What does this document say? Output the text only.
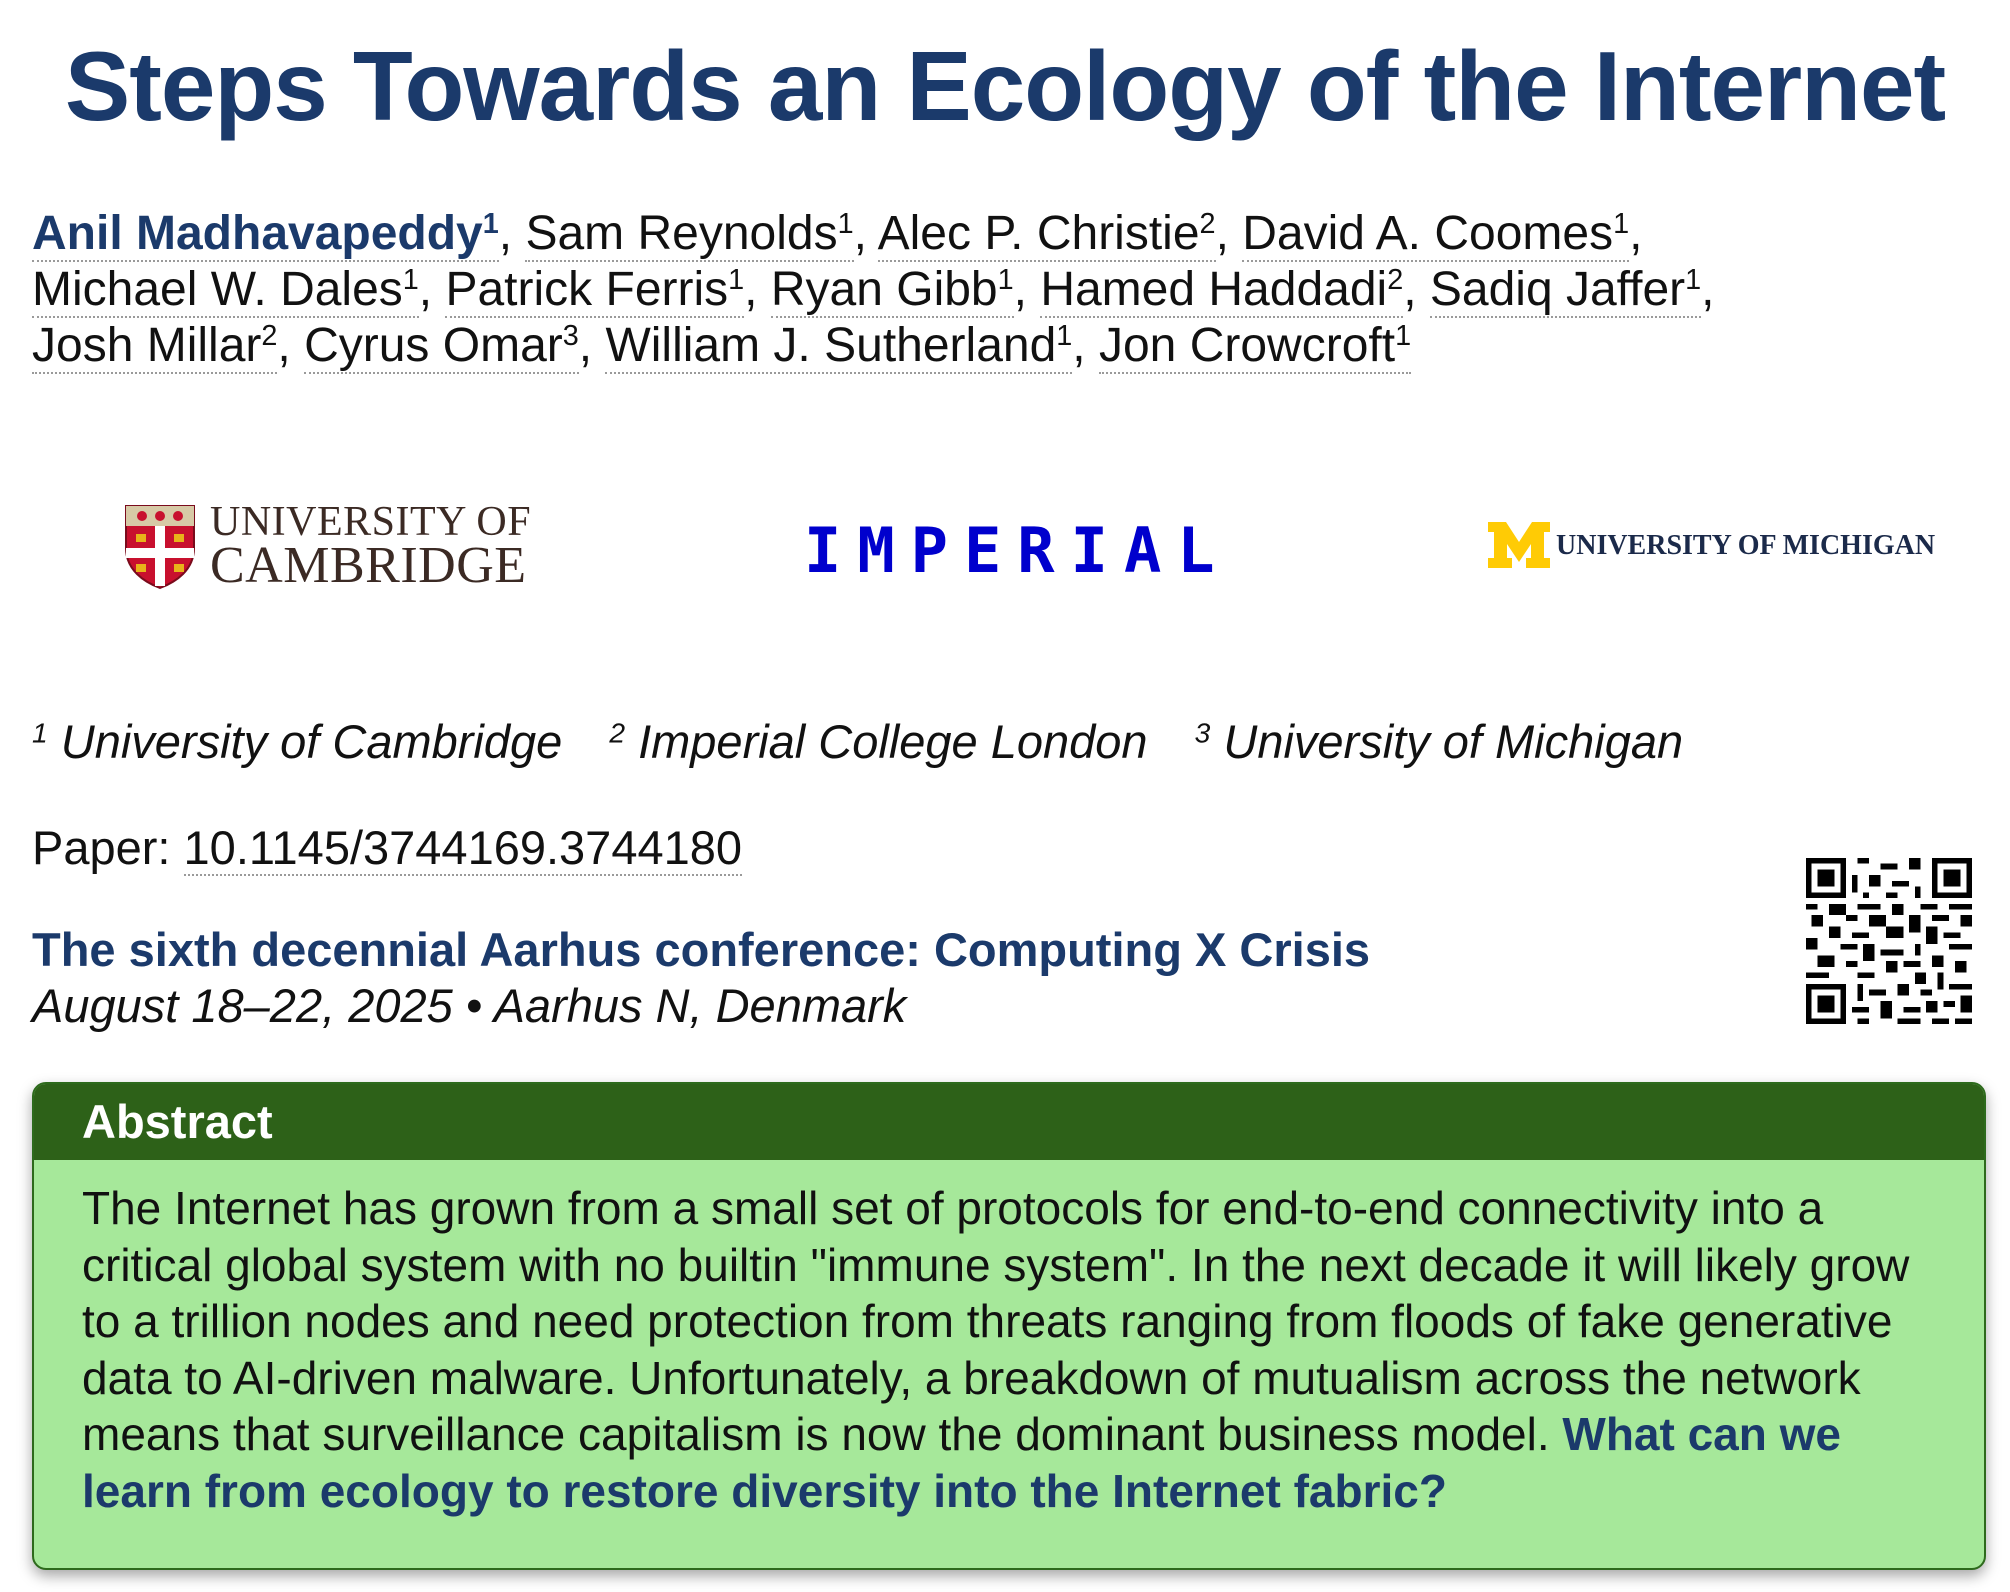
Steps Towards an Ecology of the Internet
Anil Madhavapeddy$^1$, Sam Reynolds$^1$, Alec P. Christie$^2$, David A. Coomes$^1$,
Michael W. Dales$^1$, Patrick Ferris$^1$, Ryan Gibb$^1$, Hamed Haddadi$^2$, Sadiq Jaffer$^1$,
Josh Millar$^2$, Cyrus Omar$^3$, William J. Sutherland$^1$, Jon Crowcroft$^1$
UNIVERSITY OF
CAMBRIDGE	IMPERIAL	UNIVERSITY OF MICHIGAN
$^1$ University of Cambridge $^2$ Imperial College London $^3$ University of Michigan
Paper: 10.1145/3744169.3744180
The sixth decennial Aarhus conference: Computing X Crisis
August 18–22, 2025 • Aarhus N, Denmark
Abstract
The Internet has grown from a small set of protocols for end-to-end connectivity into a critical global system with no builtin "immune system". In the next decade it will likely grow to a trillion nodes and need protection from threats ranging from floods of fake generative data to AI-driven malware. Unfortunately, a breakdown of mutualism across the network means that surveillance capitalism is now the dominant business model. What can we learn from ecology to restore diversity into the Internet fabric?
